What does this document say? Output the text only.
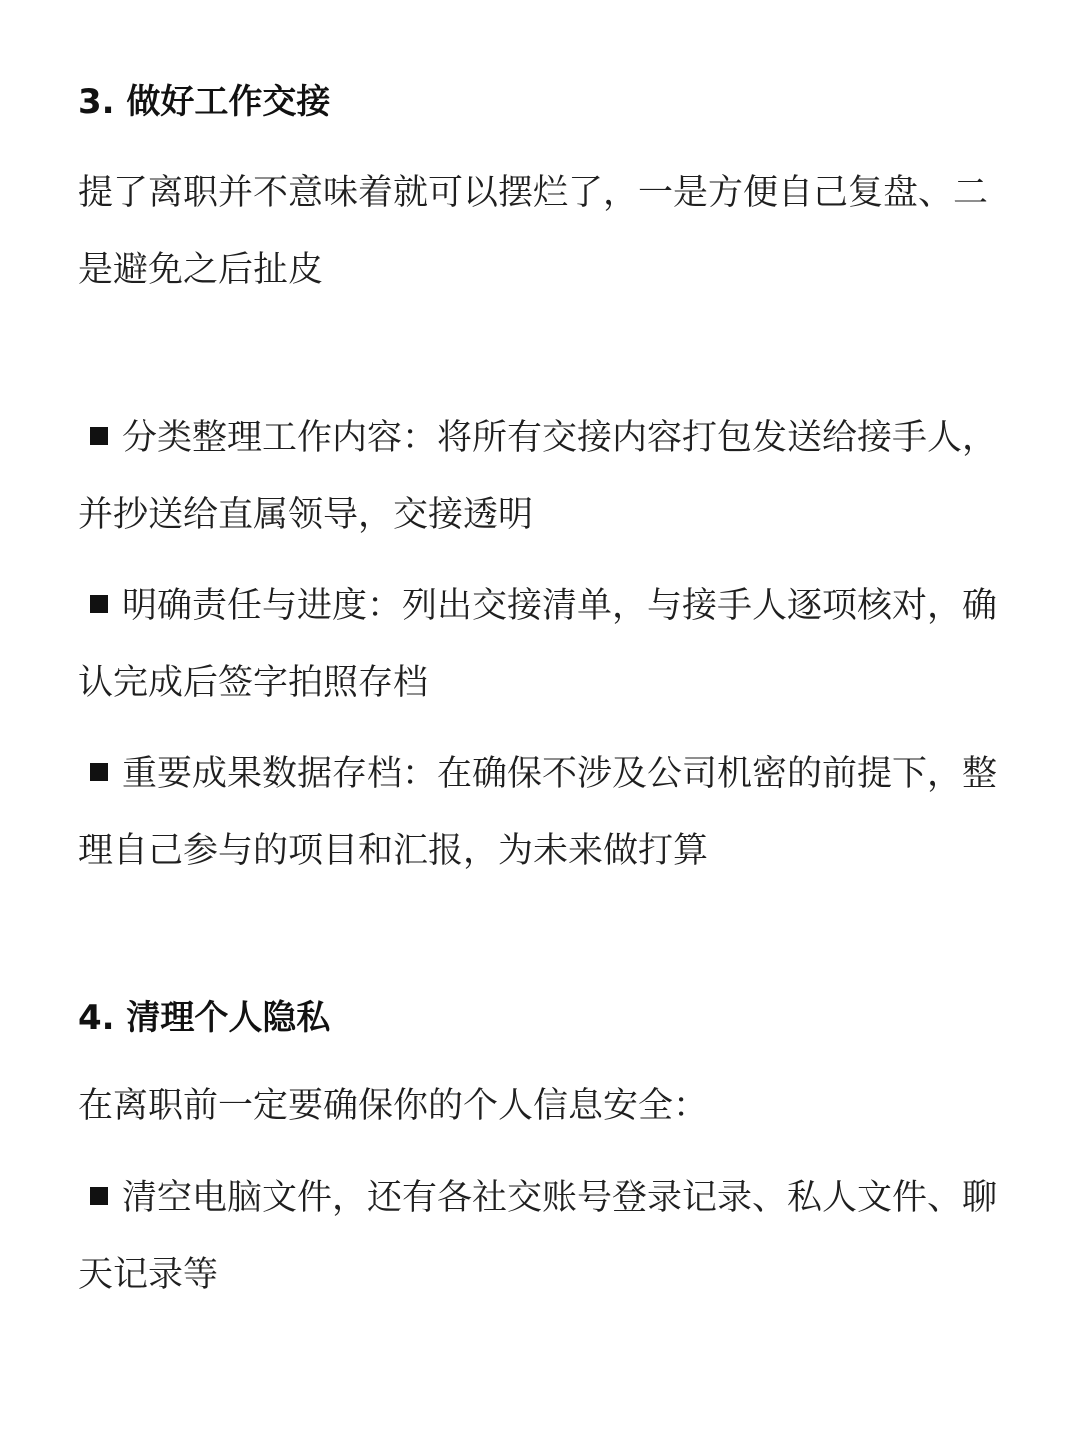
3. 做好工作交接
提了离职并不意味着就可以摆烂了，一是方便自己复盘、二是避免之后扯皮
分类整理工作内容：将所有交接内容打包发送给接手人，并抄送给直属领导，交接透明
明确责任与进度：列出交接清单，与接手人逐项核对，确认完成后签字拍照存档
重要成果数据存档：在确保不涉及公司机密的前提下，整理自己参与的项目和汇报，为未来做打算
4. 清理个人隐私
在离职前一定要确保你的个人信息安全：
清空电脑文件，还有各社交账号登录记录、私人文件、聊天记录等
